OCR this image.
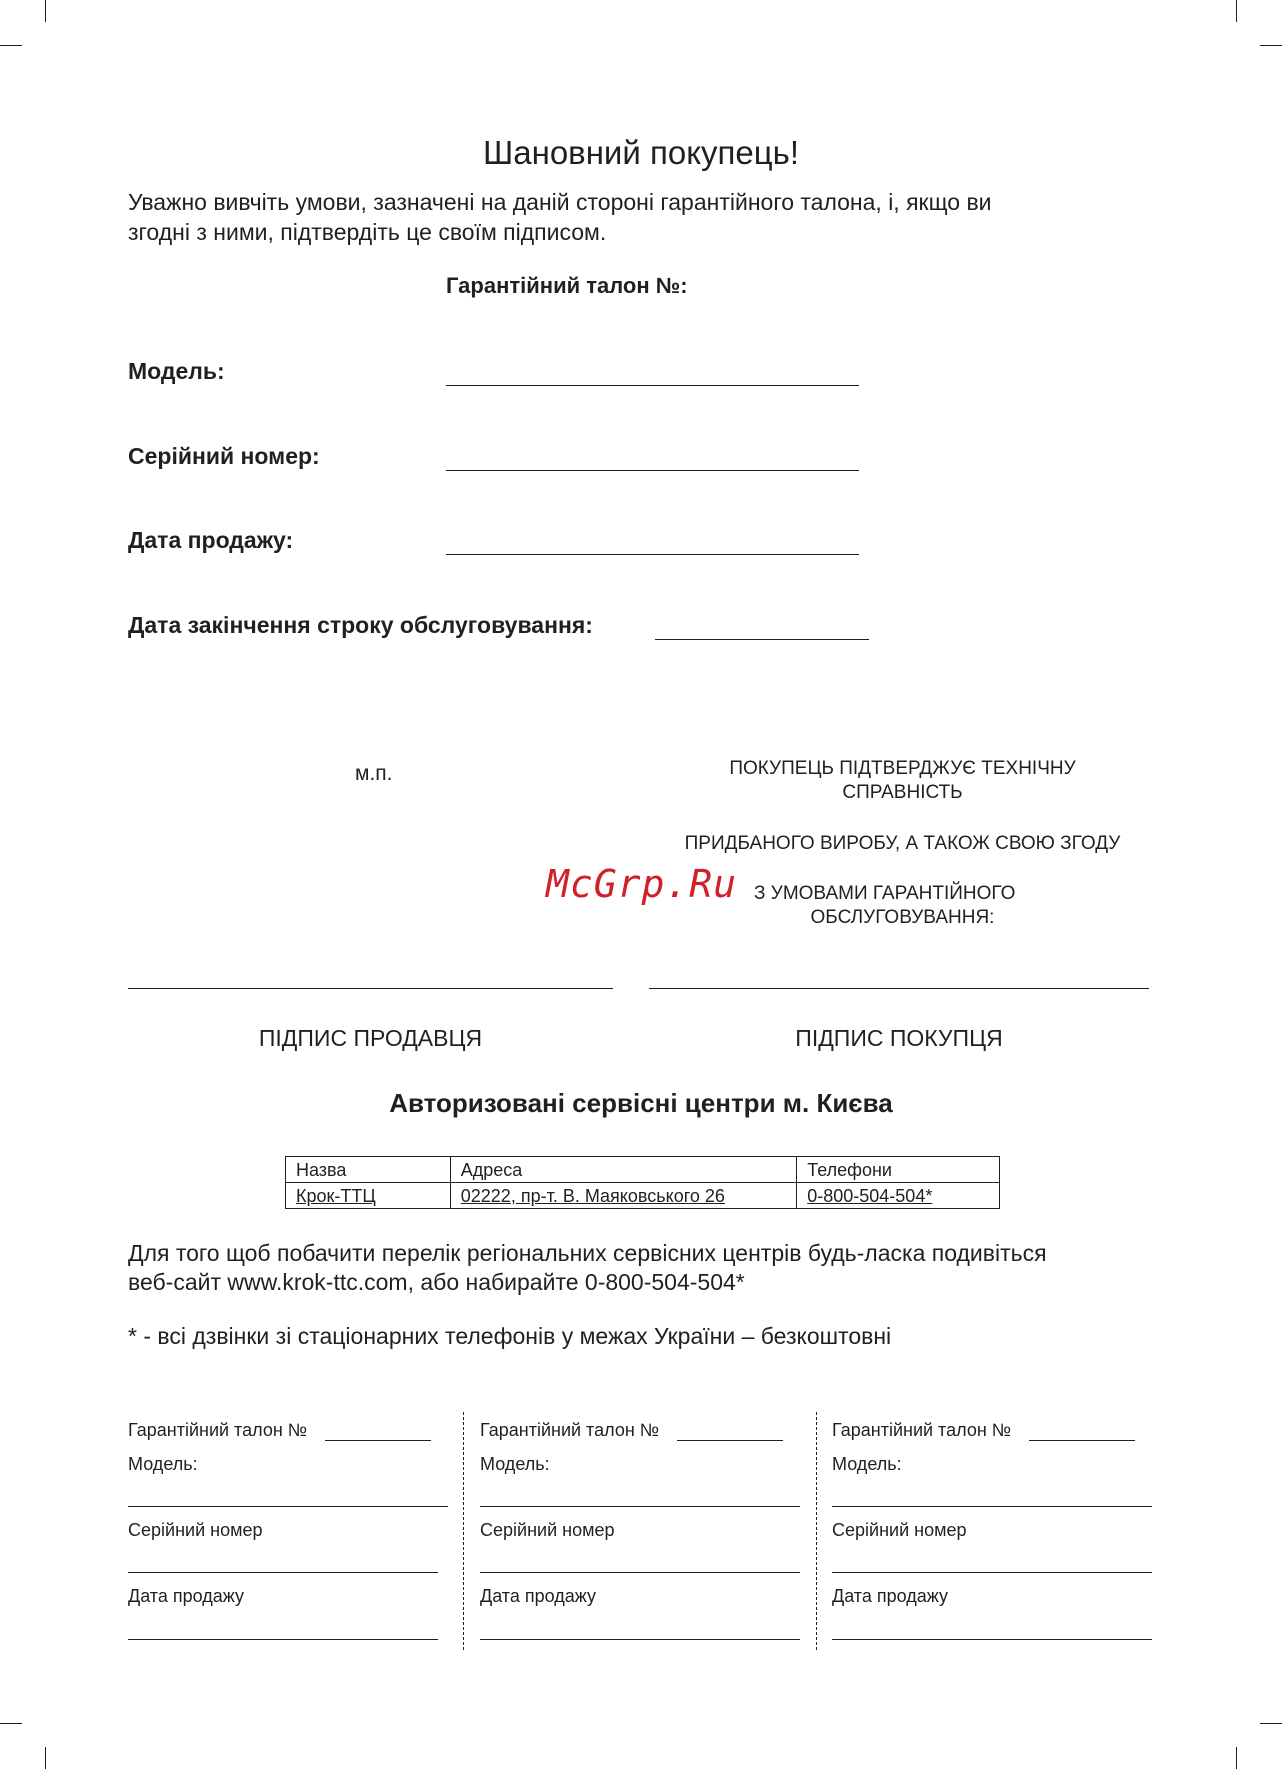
Шановний покупець!
Уважно вивчіть умови, зазначені на даній стороні гарантійного талона, і, якщо ви
згодні з ними, підтвердіть це своїм підписом.
Гарантійний талон №:
Модель:
Серійний номер:
Дата продажу:
Дата закінчення строку обслуговування:
м.п.	ПОКУПЕЦЬ ПІДТВЕРДЖУЄ ТЕХНІЧНУ
СПРАВНІСТЬ
ПРИДБАНОГО ВИРОБУ, А ТАКОЖ СВОЮ ЗГОДУ
McGrp.Ru З УМОВАМИ ГАРАНТІЙНОГО
ОБСЛУГОВУВАННЯ:
ПІДПИС ПРОДАВЦЯ	ПІДПИС ПОКУПЦЯ
Авторизовані сервісні центри м. Києва
Назва	Адреса	Телефони
Крок-ТТЦ	02222, пр-т. В. Маяковського 26	0-800-504-504*
Для того щоб побачити перелік регіональних сервісних центрів будь-ласка подивіться
веб-сайт www.krok-ttc.com, або набирайте 0-800-504-504*
* - всі дзвінки зі стаціонарних телефонів у межах України – безкоштовні
Гарантійний талон №
Модель:
Серійний номер
Дата продажу
Гарантійний талон №
Модель:
Серійний номер
Дата продажу
Гарантійний талон №
Модель:
Серійний номер
Дата продажу
